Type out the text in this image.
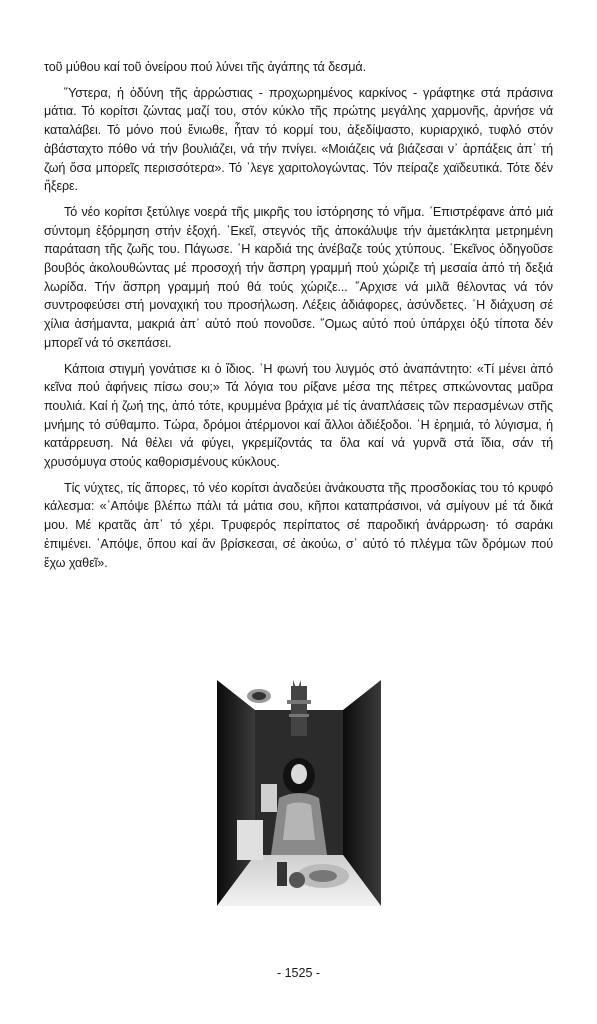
τοῦ μύθου καί τοῦ ὀνείρου πού λύνει τῆς ἀγάπης τά δεσμά.

῞Υστερα, ἡ ὀδύνη τῆς ἀρρώστιας - προχωρημένος καρκίνος - γράφτηκε στά πράσινα μάτια. Τό κορίτσι ζώντας μαζί του, στόν κύκλο τῆς πρώτης μεγάλης χαρμονῆς, ἀρνήσε νά καταλάβει. Τό μόνο πού ἔνιωθε, ἦταν τό κορμί του, ἀξεδίψαστο, κυριαρχικό, τυφλό στόν ἀβάσταχτο πόθο νά τήν βουλιάζει, νά τήν πνίγει. «Μοιάζεις νά βιάζεσαι ν᾿ ἁρπάξεις ἀπ᾿ τή ζωή ὅσα μπορεῖς περισσότερα». Τό ᾿λεγε χαριτολογώντας. Τόν πείραζε χαϊδευτικά. Τότε δέν ἤξερε.

Τό νέο κορίτσι ξετύλιγε νοερά τῆς μικρῆς του ἱστόρησης τό νῆμα. ᾿Επιστρέφανε ἀπό μιά σύντομη ἐξόρμηση στήν ἐξοχή. ᾿Εκεῖ, στεγνός τῆς ἀποκάλυψε τήν ἀμετάκλητα μετρημένη παράταση τῆς ζωῆς του. Πάγωσε. ῾Η καρδιά της ἀνέβαζε τούς χτύπους. ᾿Εκεῖνος ὁδηγοῦσε βουβός ἀκολουθώντας μέ προσοχή τήν ἄσπρη γραμμή πού χώριζε τή μεσαία ἀπό τή δεξιά λωρίδα. Τήν ἄσπρη γραμμή πού θά τούς χώριζε... ῎Αρχισε νά μιλᾶ θέλοντας νά τόν συντροφεύσει στή μοναχική του προσήλωση. Λέξεις ἀδιάφορες, ἀσύνδετες. ῾Η διάχυση σέ χίλια ἀσήμαντα, μακριά ἀπ᾿ αὐτό πού πονοῦσε. ῞Ομως αὐτό πού ὑπάρχει ὀξύ τίποτα δέν μπορεῖ νά τό σκεπάσει.

Κάποια στιγμή γονάτισε κι ὁ ἴδιος. ῾Η φωνή του λυγμός στό ἀναπάντητο: «Τί μένει ἀπό κεῖνα πού ἀφήνεις πίσω σου;» Τά λόγια του ρίξανε μέσα της πέτρες σπκώνοντας μαῦρα πουλιά. Καί ἡ ζωή της, ἀπό τότε, κρυμμένα βράχια μέ τίς ἀναπλάσεις τῶν περασμένων στῆς μνήμης τό σύθαμπο. Τώρα, δρόμοι ἀτέρμονοι καί ἄλλοι ἀδιέξοδοι. ῾Η ἐρημιά, τό λύγισμα, ἡ κατάρρευση. Νά θέλει νά φύγει, γκρεμίζοντάς τα ὅλα καί νά γυρνᾶ στά ἴδια, σάν τή χρυσόμυγα στούς καθορισμένους κύκλους.

Τίς νύχτες, τίς ἄπορες, τό νέο κορίτσι ἀναδεύει ἀνάκουστα τῆς προσδοκίας του τό κρυφό κάλεσμα: «᾿Απόψε βλέπω πάλι τά μάτια σου, κῆποι καταπράσινοι, νά σμίγουν μέ τά δικά μου. Μέ κρατᾶς ἀπ᾿ τό χέρι. Τρυφερός περίπατος σέ παροδική ἀνάρρωση· τό σαράκι ἐπιμένει. ᾿Απόψε, ὅπου καί ἄν βρίσκεσαι, σέ ἀκούω, σ᾿ αὐτό τό πλέγμα τῶν δρόμων πού ἔχω χαθεῖ».

- 1525 -
